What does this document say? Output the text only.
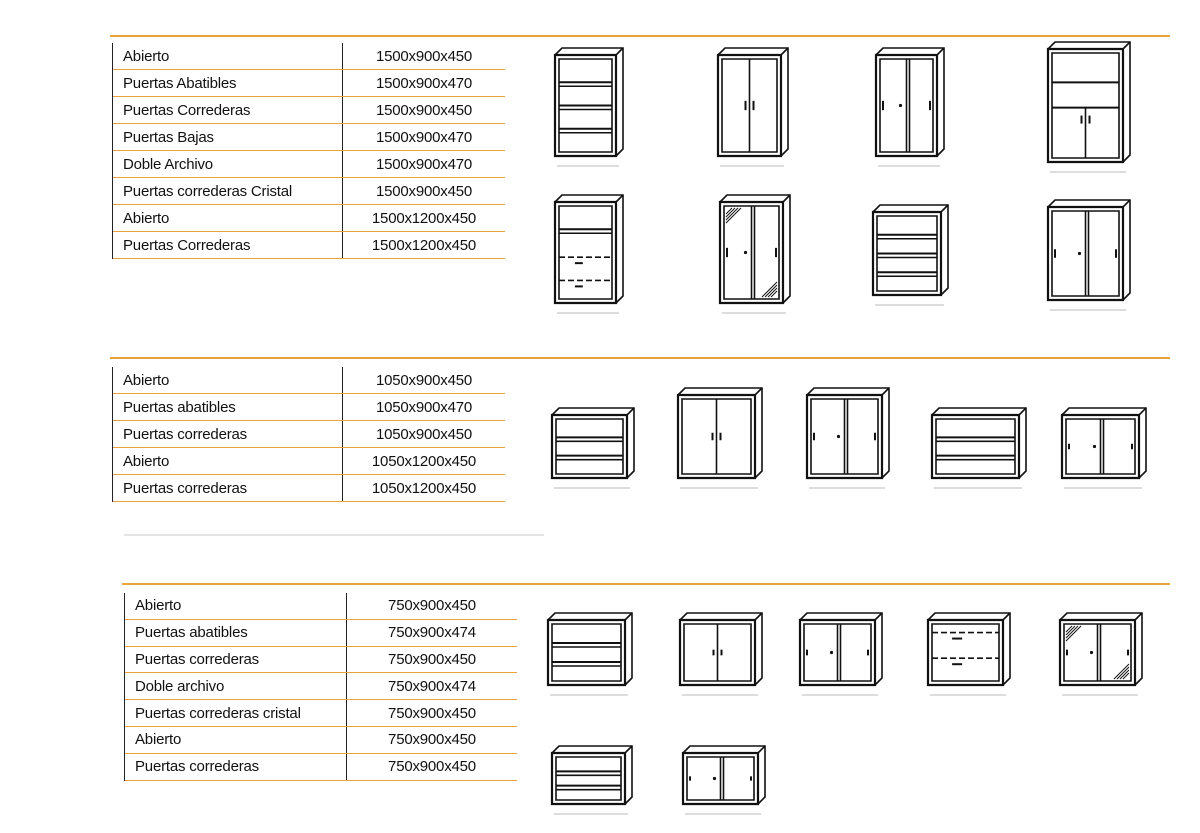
Abierto	1500x900x450
Puertas Abatibles	1500x900x470
Puertas Correderas	1500x900x450
Puertas Bajas	1500x900x470
Doble Archivo	1500x900x470
Puertas correderas Cristal	1500x900x450
Abierto	1500x1200x450
Puertas Correderas	1500x1200x450
Abierto	1050x900x450
Puertas abatibles	1050x900x470
Puertas correderas	1050x900x450
Abierto	1050x1200x450
Puertas correderas	1050x1200x450
Abierto	750x900x450
Puertas abatibles	750x900x474
Puertas correderas	750x900x450
Doble archivo	750x900x474
Puertas correderas cristal	750x900x450
Abierto	750x900x450
Puertas correderas	750x900x450
